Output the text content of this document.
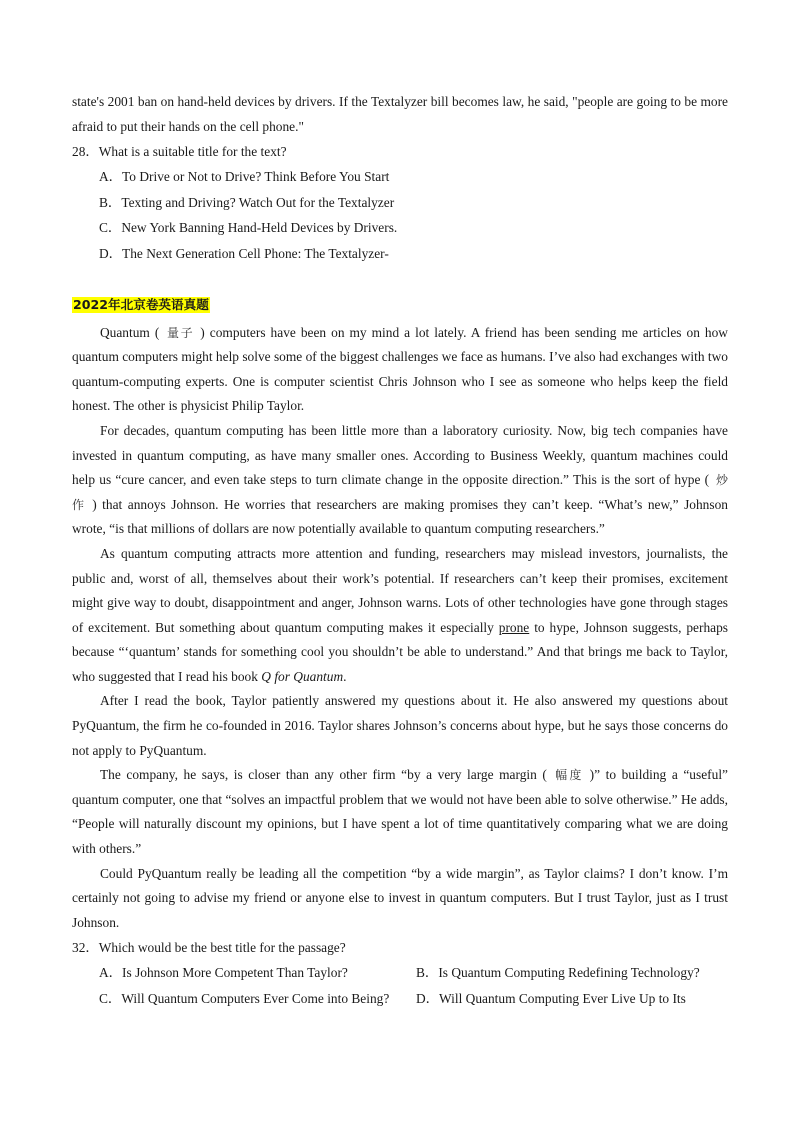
state's 2001 ban on hand-held devices by drivers. If the Textalyzer bill becomes law, he said, "people are going to be more afraid to put their hands on the cell phone."

28．What is a suitable title for the text?

A．To Drive or Not to Drive? Think Before You Start

B．Texting and Driving? Watch Out for the Textalyzer

C．New York Banning Hand-Held Devices by Drivers.

D．The Next Generation Cell Phone: The Textalyzer-

2022年北京卷英语真题

Quantum ( 量子 ) computers have been on my mind a lot lately. A friend has been sending me articles on how quantum computers might help solve some of the biggest challenges we face as humans. I’ve also had exchanges with two quantum-computing experts. One is computer scientist Chris Johnson who I see as someone who helps keep the field honest. The other is physicist Philip Taylor.

For decades, quantum computing has been little more than a laboratory curiosity. Now, big tech companies have invested in quantum computing, as have many smaller ones. According to Business Weekly, quantum machines could help us “cure cancer, and even take steps to turn climate change in the opposite direction.” This is the sort of hype ( 炒作 ) that annoys Johnson. He worries that researchers are making promises they can’t keep. “What’s new,” Johnson wrote, “is that millions of dollars are now potentially available to quantum computing researchers.”

As quantum computing attracts more attention and funding, researchers may mislead investors, journalists, the public and, worst of all, themselves about their work’s potential. If researchers can’t keep their promises, excitement might give way to doubt, disappointment and anger, Johnson warns. Lots of other technologies have gone through stages of excitement. But something about quantum computing makes it especially prone to hype, Johnson suggests, perhaps because “‘quantum’ stands for something cool you shouldn’t be able to understand.” And that brings me back to Taylor, who suggested that I read his book Q for Quantum.

After I read the book, Taylor patiently answered my questions about it. He also answered my questions about PyQuantum, the firm he co-founded in 2016. Taylor shares Johnson’s concerns about hype, but he says those concerns do not apply to PyQuantum.

The company, he says, is closer than any other firm “by a very large margin ( 幅度 )” to building a “useful” quantum computer, one that “solves an impactful problem that we would not have been able to solve otherwise.” He adds, “People will naturally discount my opinions, but I have spent a lot of time quantitatively comparing what we are doing with others.”

Could PyQuantum really be leading all the competition “by a wide margin”, as Taylor claims? I don’t know. I’m certainly not going to advise my friend or anyone else to invest in quantum computers. But I trust Taylor, just as I trust Johnson.

32．Which would be the best title for the passage?

A．Is Johnson More Competent Than Taylor?	B．Is Quantum Computing Redefining Technology?
C．Will Quantum Computers Ever Come into Being?	D．Will Quantum Computing Ever Live Up to Its
